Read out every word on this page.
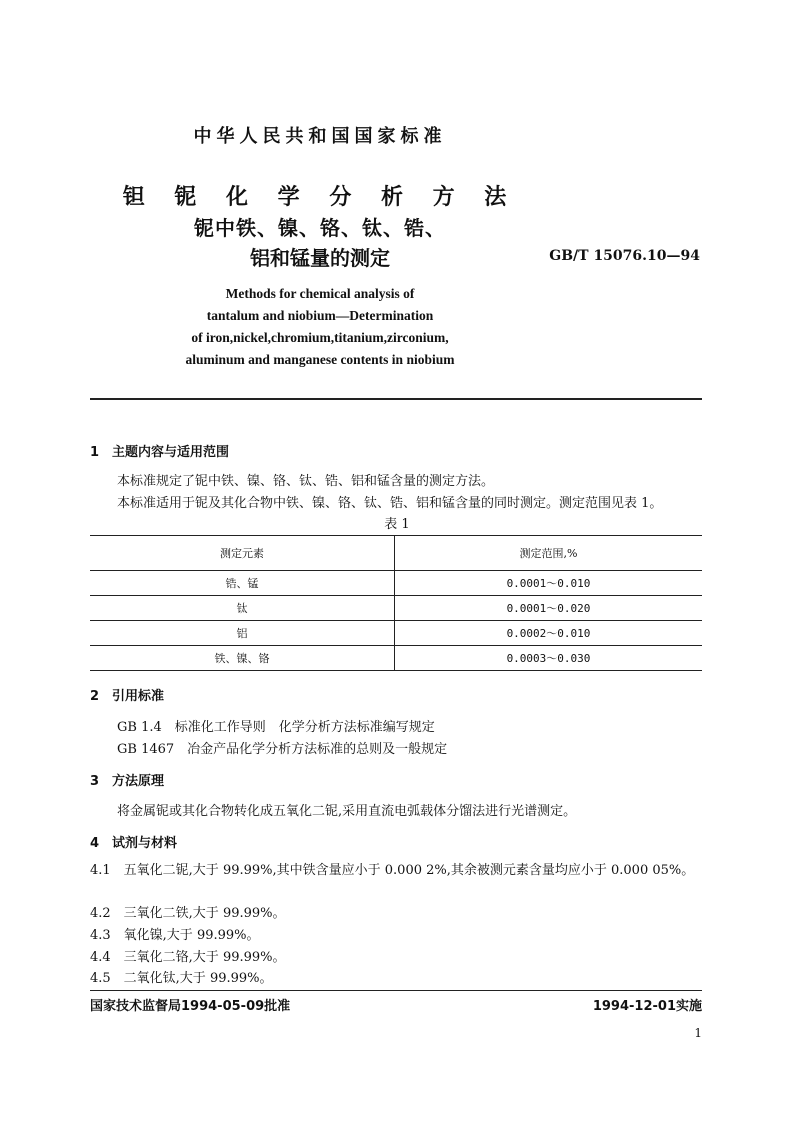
中华人民共和国国家标准
钽 铌 化 学 分 析 方 法
铌中铁、镍、铬、钛、锆、
铝和锰量的测定	GB/T 15076.10—94
Methods for chemical analysis of
tantalum and niobium—Determination
of iron,nickel,chromium,titanium,zirconium,
aluminum and manganese contents in niobium
1 主题内容与适用范围
本标准规定了铌中铁、镍、铬、钛、锆、铝和锰含量的测定方法。
本标准适用于铌及其化合物中铁、镍、铬、钛、锆、铝和锰含量的同时测定。测定范围见表 1。
表 1
测定元素	测定范围,%
锆、锰	0.0001～0.010
钛	0.0001～0.020
铝	0.0002～0.010
铁、镍、铬	0.0003～0.030
2 引用标准
GB 1.4　标准化工作导则　化学分析方法标准编写规定
GB 1467　冶金产品化学分析方法标准的总则及一般规定
3 方法原理
将金属铌或其化合物转化成五氧化二铌,采用直流电弧载体分馏法进行光谱测定。
4 试剂与材料
4.1　五氧化二铌,大于 99.99%,其中铁含量应小于 0.000 2%,其余被测元素含量均应小于 0.000 05%。
4.2　三氧化二铁,大于 99.99%。
4.3　氧化镍,大于 99.99%。
4.4　三氧化二铬,大于 99.99%。
4.5　二氧化钛,大于 99.99%。
国家技术监督局1994-05-09批准	1994-12-01实施
1
